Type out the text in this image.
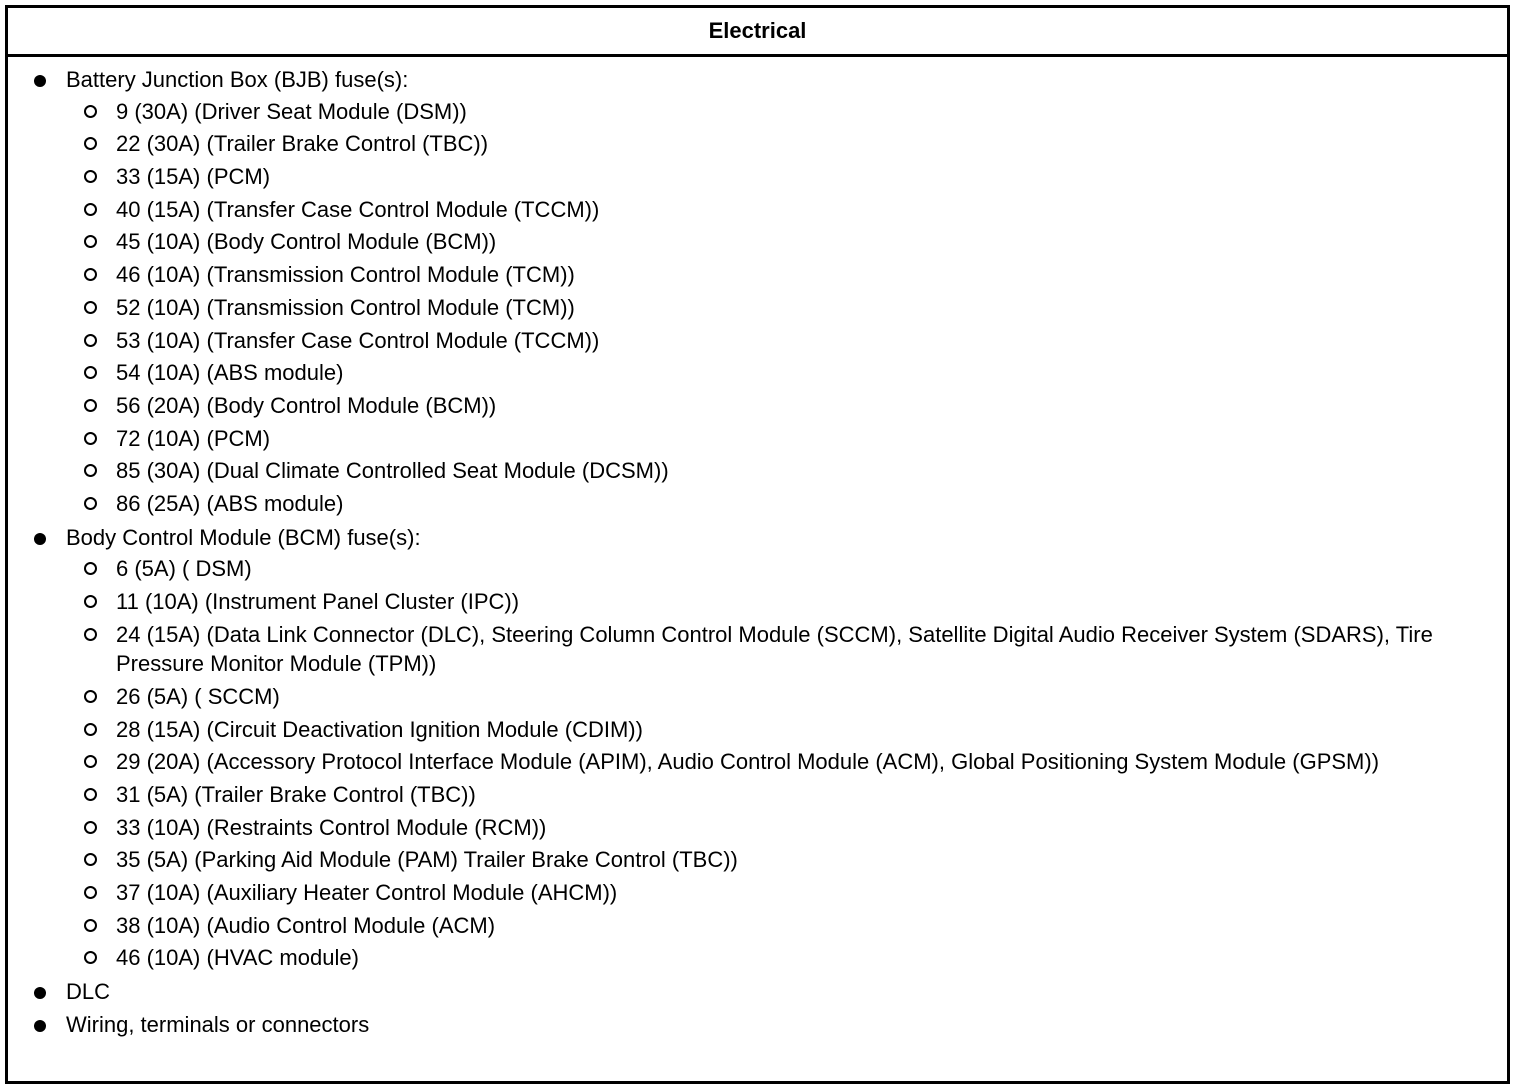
Electrical
Battery Junction Box (BJB) fuse(s):
9 (30A) (Driver Seat Module (DSM))
22 (30A) (Trailer Brake Control (TBC))
33 (15A) (PCM)
40 (15A) (Transfer Case Control Module (TCCM))
45 (10A) (Body Control Module (BCM))
46 (10A) (Transmission Control Module (TCM))
52 (10A) (Transmission Control Module (TCM))
53 (10A) (Transfer Case Control Module (TCCM))
54 (10A) (ABS module)
56 (20A) (Body Control Module (BCM))
72 (10A) (PCM)
85 (30A) (Dual Climate Controlled Seat Module (DCSM))
86 (25A) (ABS module)
Body Control Module (BCM) fuse(s):
6 (5A) ( DSM)
11 (10A) (Instrument Panel Cluster (IPC))
24 (15A) (Data Link Connector (DLC), Steering Column Control Module (SCCM), Satellite Digital Audio Receiver System (SDARS), Tire Pressure Monitor Module (TPM))
26 (5A) ( SCCM)
28 (15A) (Circuit Deactivation Ignition Module (CDIM))
29 (20A) (Accessory Protocol Interface Module (APIM), Audio Control Module (ACM), Global Positioning System Module (GPSM))
31 (5A) (Trailer Brake Control (TBC))
33 (10A) (Restraints Control Module (RCM))
35 (5A) (Parking Aid Module (PAM) Trailer Brake Control (TBC))
37 (10A) (Auxiliary Heater Control Module (AHCM))
38 (10A) (Audio Control Module (ACM)
46 (10A) (HVAC module)
DLC
Wiring, terminals or connectors
